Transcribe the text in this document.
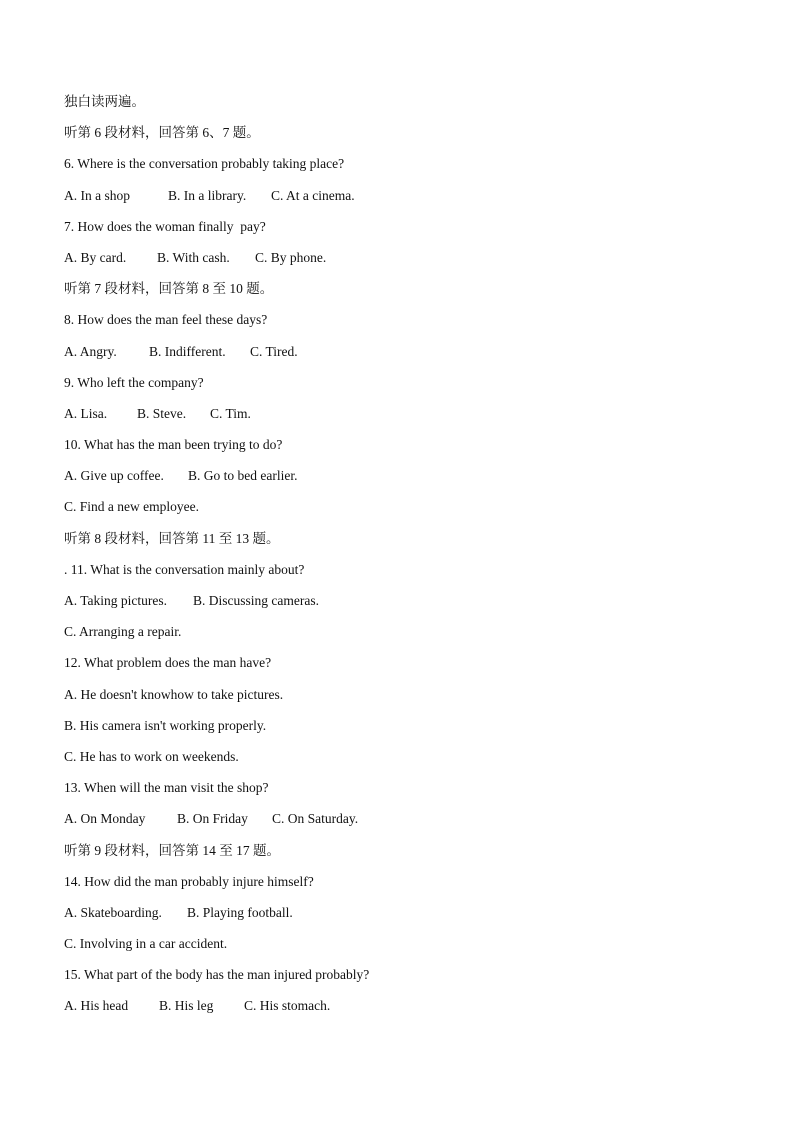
独白读两遍。
听第 6 段材料，回答第 6、7 题。
6. Where is the conversation probably taking place?
A. In a shop	B. In a library. C. At a cinema.
7. How does the woman finally  pay?
A. By card. B. With cash. C. By phone.
听第 7 段材料，回答第 8 至 10 题。
8. How does the man feel these days?
A. Angry. B. Indifferent. C. Tired.
9. Who left the company?
A. Lisa. B. Steve. C. Tim.
10. What has the man been trying to do?
A. Give up coffee. B. Go to bed earlier.
C. Find a new employee.
听第 8 段材料，回答第 11 至 13 题。
. 11. What is the conversation mainly about?
A. Taking pictures. B. Discussing cameras.
C. Arranging a repair.
12. What problem does the man have?
A. He doesn't knowhow to take pictures.
B. His camera isn't working properly.
C. He has to work on weekends.
13. When will the man visit the shop?
A. On Monday B. On Friday C. On Saturday.
听第 9 段材料，回答第 14 至 17 题。
14. How did the man probably injure himself?
A. Skateboarding. B. Playing football.
C. Involving in a car accident.
15. What part of the body has the man injured probably?
A. His head B. His leg C. His stomach.
